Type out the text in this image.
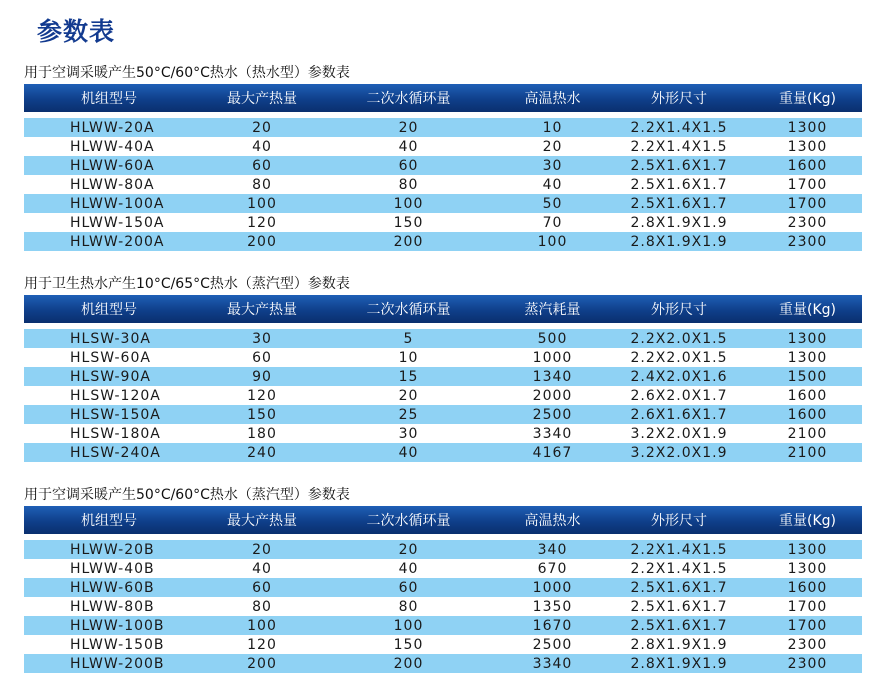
参数表
用于空调采暖产生50°C/60°C热水（热水型）参数表
机组型号	最大产热量	二次水循环量	高温热水	外形尺寸	重量(Kg)
HLWW-20A	20	20	10	2.2X1.4X1.5	1300
HLWW-40A	40	40	20	2.2X1.4X1.5	1300
HLWW-60A	60	60	30	2.5X1.6X1.7	1600
HLWW-80A	80	80	40	2.5X1.6X1.7	1700
HLWW-100A	100	100	50	2.5X1.6X1.7	1700
HLWW-150A	120	150	70	2.8X1.9X1.9	2300
HLWW-200A	200	200	100	2.8X1.9X1.9	2300
用于卫生热水产生10°C/65°C热水（蒸汽型）参数表
机组型号	最大产热量	二次水循环量	蒸汽耗量	外形尺寸	重量(Kg)
HLSW-30A	30	5	500	2.2X2.0X1.5	1300
HLSW-60A	60	10	1000	2.2X2.0X1.5	1300
HLSW-90A	90	15	1340	2.4X2.0X1.6	1500
HLSW-120A	120	20	2000	2.6X2.0X1.7	1600
HLSW-150A	150	25	2500	2.6X1.6X1.7	1600
HLSW-180A	180	30	3340	3.2X2.0X1.9	2100
HLSW-240A	240	40	4167	3.2X2.0X1.9	2100
用于空调采暖产生50°C/60°C热水（蒸汽型）参数表
机组型号	最大产热量	二次水循环量	高温热水	外形尺寸	重量(Kg)
HLWW-20B	20	20	340	2.2X1.4X1.5	1300
HLWW-40B	40	40	670	2.2X1.4X1.5	1300
HLWW-60B	60	60	1000	2.5X1.6X1.7	1600
HLWW-80B	80	80	1350	2.5X1.6X1.7	1700
HLWW-100B	100	100	1670	2.5X1.6X1.7	1700
HLWW-150B	120	150	2500	2.8X1.9X1.9	2300
HLWW-200B	200	200	3340	2.8X1.9X1.9	2300
